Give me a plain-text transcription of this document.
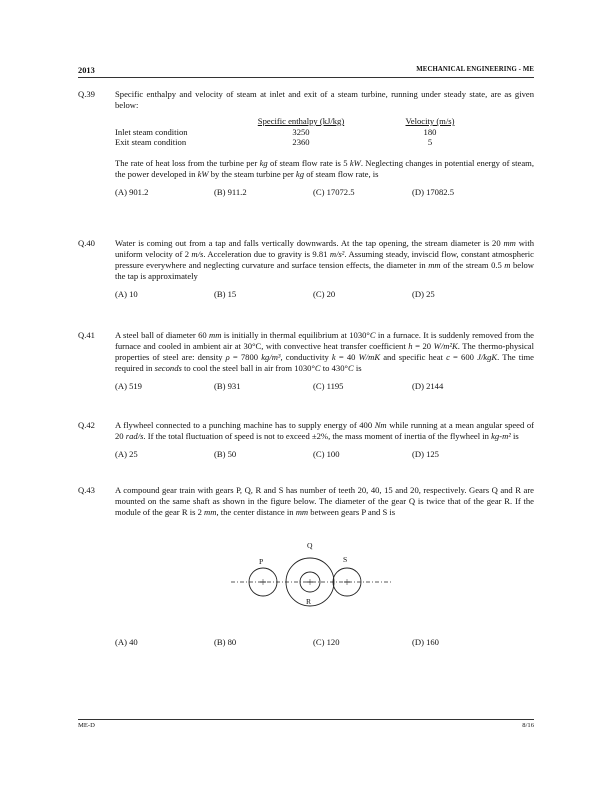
2013	MECHANICAL ENGINEERING - ME
Q.39	Specific enthalpy and velocity of steam at inlet and exit of a steam turbine, running under steady state, are as given below:

	Specific enthalpy (kJ/kg)	Velocity (m/s)
Inlet steam condition	3250	180
Exit steam condition	2360	5

The rate of heat loss from the turbine per kg of steam flow rate is 5 kW. Neglecting changes in potential energy of steam, the power developed in kW by the steam turbine per kg of steam flow rate, is

(A) 901.2	(B) 911.2	(C) 17072.5	(D) 17082.5
Q.40	Water is coming out from a tap and falls vertically downwards. At the tap opening, the stream diameter is 20 mm with uniform velocity of 2 m/s. Acceleration due to gravity is 9.81 m/s². Assuming steady, inviscid flow, constant atmospheric pressure everywhere and neglecting curvature and surface tension effects, the diameter in mm of the stream 0.5 m below the tap is approximately

(A) 10	(B) 15	(C) 20	(D) 25
Q.41	A steel ball of diameter 60 mm is initially in thermal equilibrium at 1030°C in a furnace. It is suddenly removed from the furnace and cooled in ambient air at 30°C, with convective heat transfer coefficient h = 20 W/m²K. The thermo-physical properties of steel are: density ρ = 7800 kg/m³, conductivity k = 40 W/mK and specific heat c = 600 J/kgK. The time required in seconds to cool the steel ball in air from 1030°C to 430°C is

(A) 519	(B) 931	(C) 1195	(D) 2144
Q.42	A flywheel connected to a punching machine has to supply energy of 400 Nm while running at a mean angular speed of 20 rad/s. If the total fluctuation of speed is not to exceed ±2%, the mass moment of inertia of the flywheel in kg-m² is

(A) 25	(B) 50	(C) 100	(D) 125
Q.43	A compound gear train with gears P, Q, R and S has number of teeth 20, 40, 15 and 20, respectively. Gears Q and R are mounted on the same shaft as shown in the figure below. The diameter of the gear Q is twice that of the gear R. If the module of the gear R is 2 mm, the center distance in mm between gears P and S is

P
Q
S
R
(A) 40	(B) 80	(C) 120	(D) 160
ME-D	8/16
